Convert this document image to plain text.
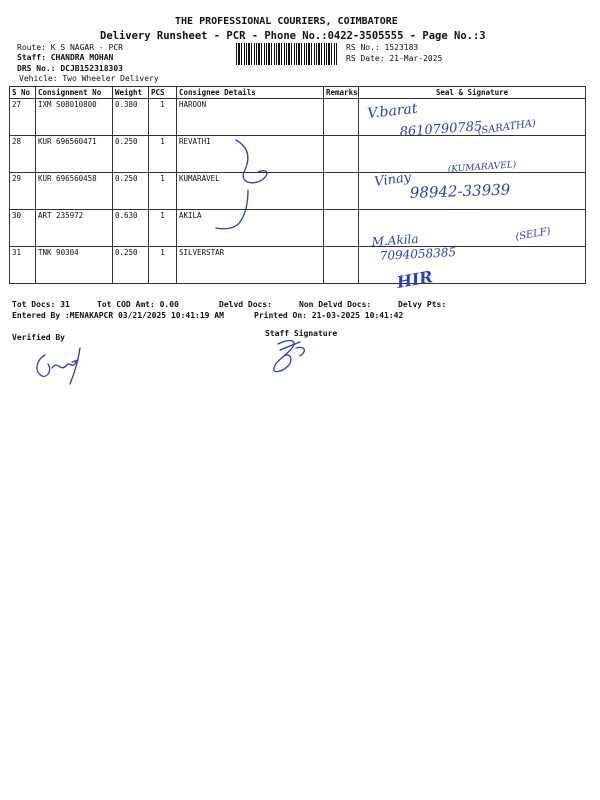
THE PROFESSIONAL COURIERS, COIMBATORE
Delivery Runsheet - PCR - Phone No.:0422-3505555 - Page No.:3
Route: K S NAGAR - PCR
Staff: CHANDRA MOHAN
DRS No.: DCJB152318303
Vehicle: Two Wheeler Delivery
RS No.: 1523183
RS Date: 21-Mar-2025
S No	Consignment No	Weight	PCS	Consignee Details	Remarks	Seal & Signature
27	IXM S08010800	0.380	1	HAROON		
28	KUR 696560471	0.250	1	REVATHI		
29	KUR 696560458	0.250	1	KUMARAVEL		
30	ART 235972	0.630	1	AKILA		
31	TNK 90304	0.250	1	SILVERSTAR		
V.barat
8610790785
(SARATHA)
Vinay
(KUMARAVEL)
98942-33939
M.Akila	(SELF)
7094058385
HIR
Tot Docs: 31	Tot COD Amt: 0.00	Delvd Docs:	Non Delvd Docs:	Delvy Pts:
Entered By :MENAKAPCR 03/21/2025 10:41:19 AM	Printed On: 21-03-2025 10:41:42
Verified By	Staff Signature
